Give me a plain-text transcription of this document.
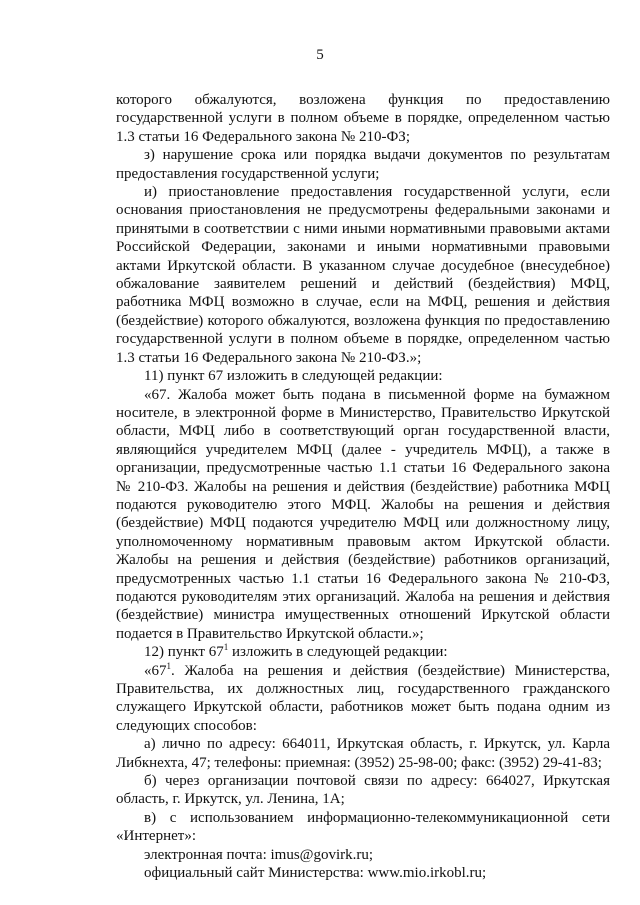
5

которого обжалуются, возложена функция по предоставлению государственной услуги в полном объеме в порядке, определенном частью 1.3 статьи 16 Федерального закона № 210-ФЗ;

з) нарушение срока или порядка выдачи документов по результатам предоставления государственной услуги;

и) приостановление предоставления государственной услуги, если основания приостановления не предусмотрены федеральными законами и принятыми в соответствии с ними иными нормативными правовыми актами Российской Федерации, законами и иными нормативными правовыми актами Иркутской области. В указанном случае досудебное (внесудебное) обжалование заявителем решений и действий (бездействия) МФЦ, работника МФЦ возможно в случае, если на МФЦ, решения и действия (бездействие) которого обжалуются, возложена функция по предоставлению государственной услуги в полном объеме в порядке, определенном частью 1.3 статьи 16 Федерального закона № 210-ФЗ.»;

11) пункт 67 изложить в следующей редакции:

«67. Жалоба может быть подана в письменной форме на бумажном носителе, в электронной форме в Министерство, Правительство Иркутской области, МФЦ либо в соответствующий орган государственной власти, являющийся учредителем МФЦ (далее - учредитель МФЦ), а также в организации, предусмотренные частью 1.1 статьи 16 Федерального закона № 210-ФЗ. Жалобы на решения и действия (бездействие) работника МФЦ подаются руководителю этого МФЦ. Жалобы на решения и действия (бездействие) МФЦ подаются учредителю МФЦ или должностному лицу, уполномоченному нормативным правовым актом Иркутской области. Жалобы на решения и действия (бездействие) работников организаций, предусмотренных частью 1.1 статьи 16 Федерального закона № 210-ФЗ, подаются руководителям этих организаций. Жалоба на решения и действия (бездействие) министра имущественных отношений Иркутской области подается в Правительство Иркутской области.»;

12) пункт $67^1$ изложить в следующей редакции:

«$67^1$. Жалоба на решения и действия (бездействие) Министерства, Правительства, их должностных лиц, государственного гражданского служащего Иркутской области, работников может быть подана одним из следующих способов:

а) лично по адресу: 664011, Иркутская область, г. Иркутск, ул. Карла Либкнехта, 47; телефоны: приемная: (3952) 25-98-00; факс: (3952) 29-41-83;

б) через организации почтовой связи по адресу: 664027, Иркутская область, г. Иркутск, ул. Ленина, 1А;

в) с использованием информационно-телекоммуникационной сети «Интернет»:

электронная почта: imus@govirk.ru;

официальный сайт Министерства: www.mio.irkobl.ru;
